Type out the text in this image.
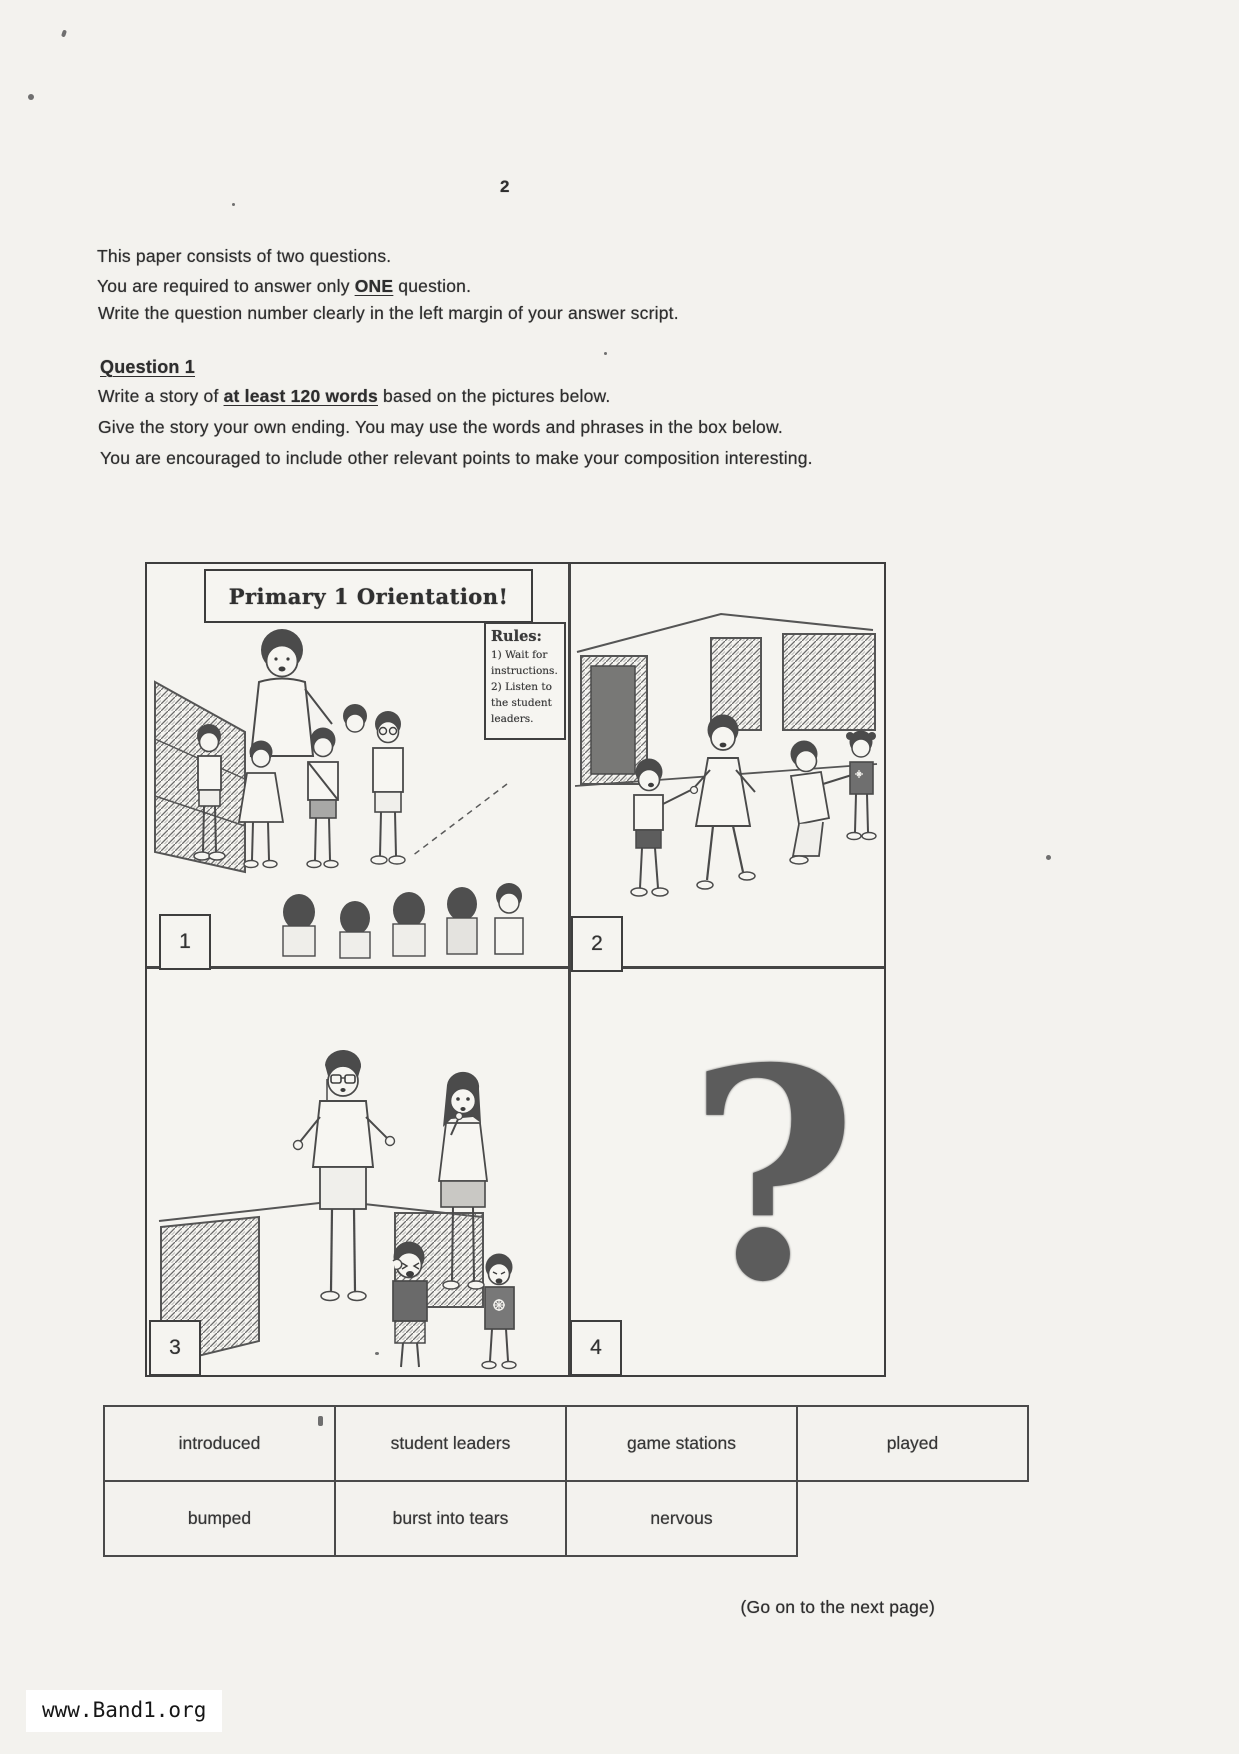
2
This paper consists of two questions.
You are required to answer only ONE question.
Write the question number clearly in the left margin of your answer script.
Question 1
Write a story of at least 120 words based on the pictures below.
Give the story your own ending. You may use the words and phrases in the box below.
You are encouraged to include other relevant points to make your composition interesting.
?
Primary 1 Orientation!
Rules:
1) Wait for
instructions.
2) Listen to
the student
leaders.
1	2
3	4
introduced	student leaders	game stations	played
bumped	burst into tears	nervous
(Go on to the next page)
www.Band1.org
